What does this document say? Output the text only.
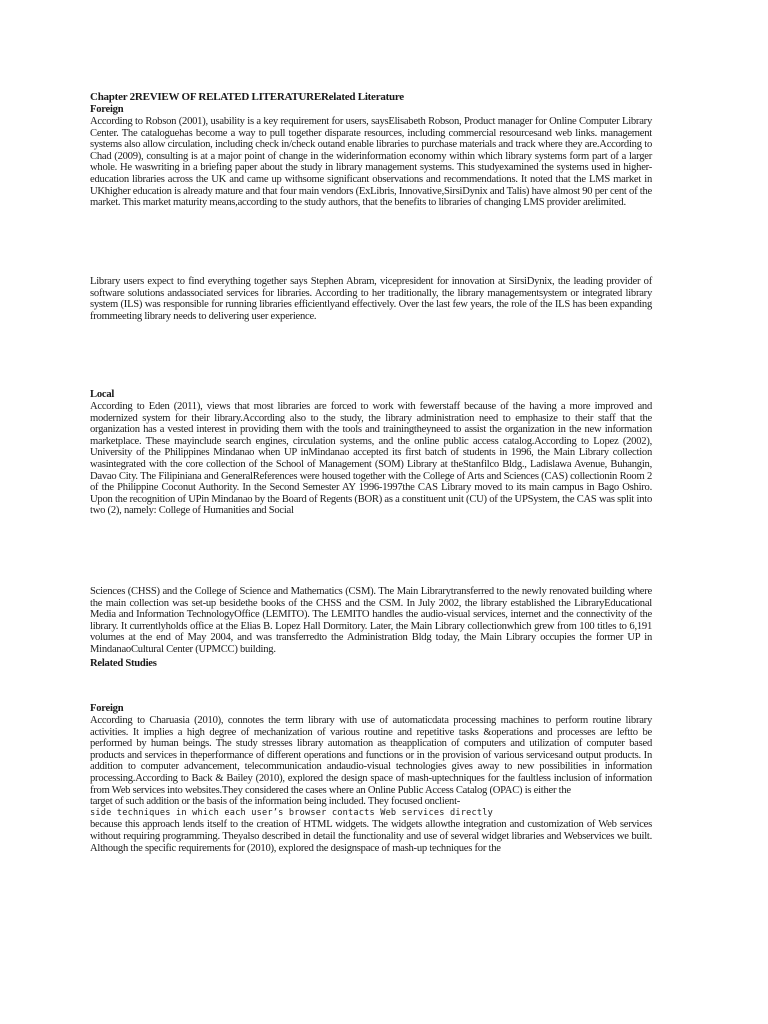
Chapter 2REVIEW OF RELATED LITERATURERelated Literature

Foreign

According to Robson (2001), usability is a key requirement for users, saysElisabeth Robson, Product manager for Online Computer Library Center. The cataloguehas become a way to pull together disparate resources, including commercial resourcesand web links. management systems also allow circulation, including check in/check outand enable libraries to purchase materials and track where they are.According to Chad (2009), consulting is at a major point of change in the widerinformation economy within which library systems form part of a larger whole. He waswriting in a briefing paper about the study in library management systems. This studyexamined the systems used in higher-education libraries across the UK and came up withsome significant observations and recommendations. It noted that the LMS market in UKhigher education is already mature and that four main vendors (ExLibris, Innovative,SirsiDynix and Talis) have almost 90 per cent of the market. This market maturity means,according to the study authors, that the benefits to libraries of changing LMS provider arelimited.

Library users expect to find everything together says Stephen Abram, vicepresident for innovation at SirsiDynix, the leading provider of software solutions andassociated services for libraries. According to her traditionally, the library managementsystem or integrated library system (ILS) was responsible for running libraries efficientlyand effectively. Over the last few years, the role of the ILS has been expanding frommeeting library needs to delivering user experience.

Local

According to Eden (2011), views that most libraries are forced to work with fewerstaff because of the having a more improved and modernized system for their library.According also to the study, the library administration need to emphasize to their staff that the organization has a vested interest in providing them with the tools and trainingtheyneed to assist the organization in the new information marketplace. These mayinclude search engines, circulation systems, and the online public access catalog.According to Lopez (2002), University of the Philippines Mindanao when UP inMindanao accepted its first batch of students in 1996, the Main Library collection wasintegrated with the core collection of the School of Management (SOM) Library at theStanfilco Bldg., Ladislawa Avenue, Buhangin, Davao City. The Filipiniana and GeneralReferences were housed together with the College of Arts and Sciences (CAS) collectionin Room 2 of the Philippine Coconut Authority. In the Second Semester AY 1996-1997the CAS Library moved to its main campus in Bago Oshiro. Upon the recognition of UPin Mindanao by the Board of Regents (BOR) as a constituent unit (CU) of the UPSystem, the CAS was split into two (2), namely: College of Humanities and Social

Sciences (CHSS) and the College of Science and Mathematics (CSM). The Main Librarytransferred to the newly renovated building where the main collection was set-up besidethe books of the CHSS and the CSM. In July 2002, the library established the LibraryEducational Media and Information TechnologyOffice (LEMITO). The LEMITO handles the audio-visual services, internet and the connectivity of the library. It currentlyholds office at the Elias B. Lopez Hall Dormitory. Later, the Main Library collectionwhich grew from 100 titles to 6,191 volumes at the end of May 2004, and was transferredto the Administration Bldg today, the Main Library occupies the former UP in MindanaoCultural Center (UPMCC) building.

Related Studies

Foreign

According to Charuasia (2010), connotes the term library with use of automaticdata processing machines to perform routine library activities. It implies a high degree of mechanization of various routine and repetitive tasks &operations and processes are leftto be performed by human beings. The study stresses library automation as theapplication of computers and utilization of computer based products and services in theperformance of different operations and functions or in the provision of various servicesand output products. In addition to computer advancement, telecommunication andaudio-visual technologies gives away to new possibilities in information processing.According to Back & Bailey (2010), explored the design space of mash-uptechniques for the faultless inclusion of information from Web services into websites.They considered the cases where an Online Public Access Catalog (OPAC) is either the

target of such addition or the basis of the information being included. They focused onclient-

side techniques in which each user’s browser contacts Web services directly

because this approach lends itself to the creation of HTML widgets. The widgets allowthe integration and customization of Web services without requiring programming. Theyalso described in detail the functionality and use of several widget libraries and Webservices we built. Although the specific requirements for (2010), explored the designspace of mash-up techniques for the
